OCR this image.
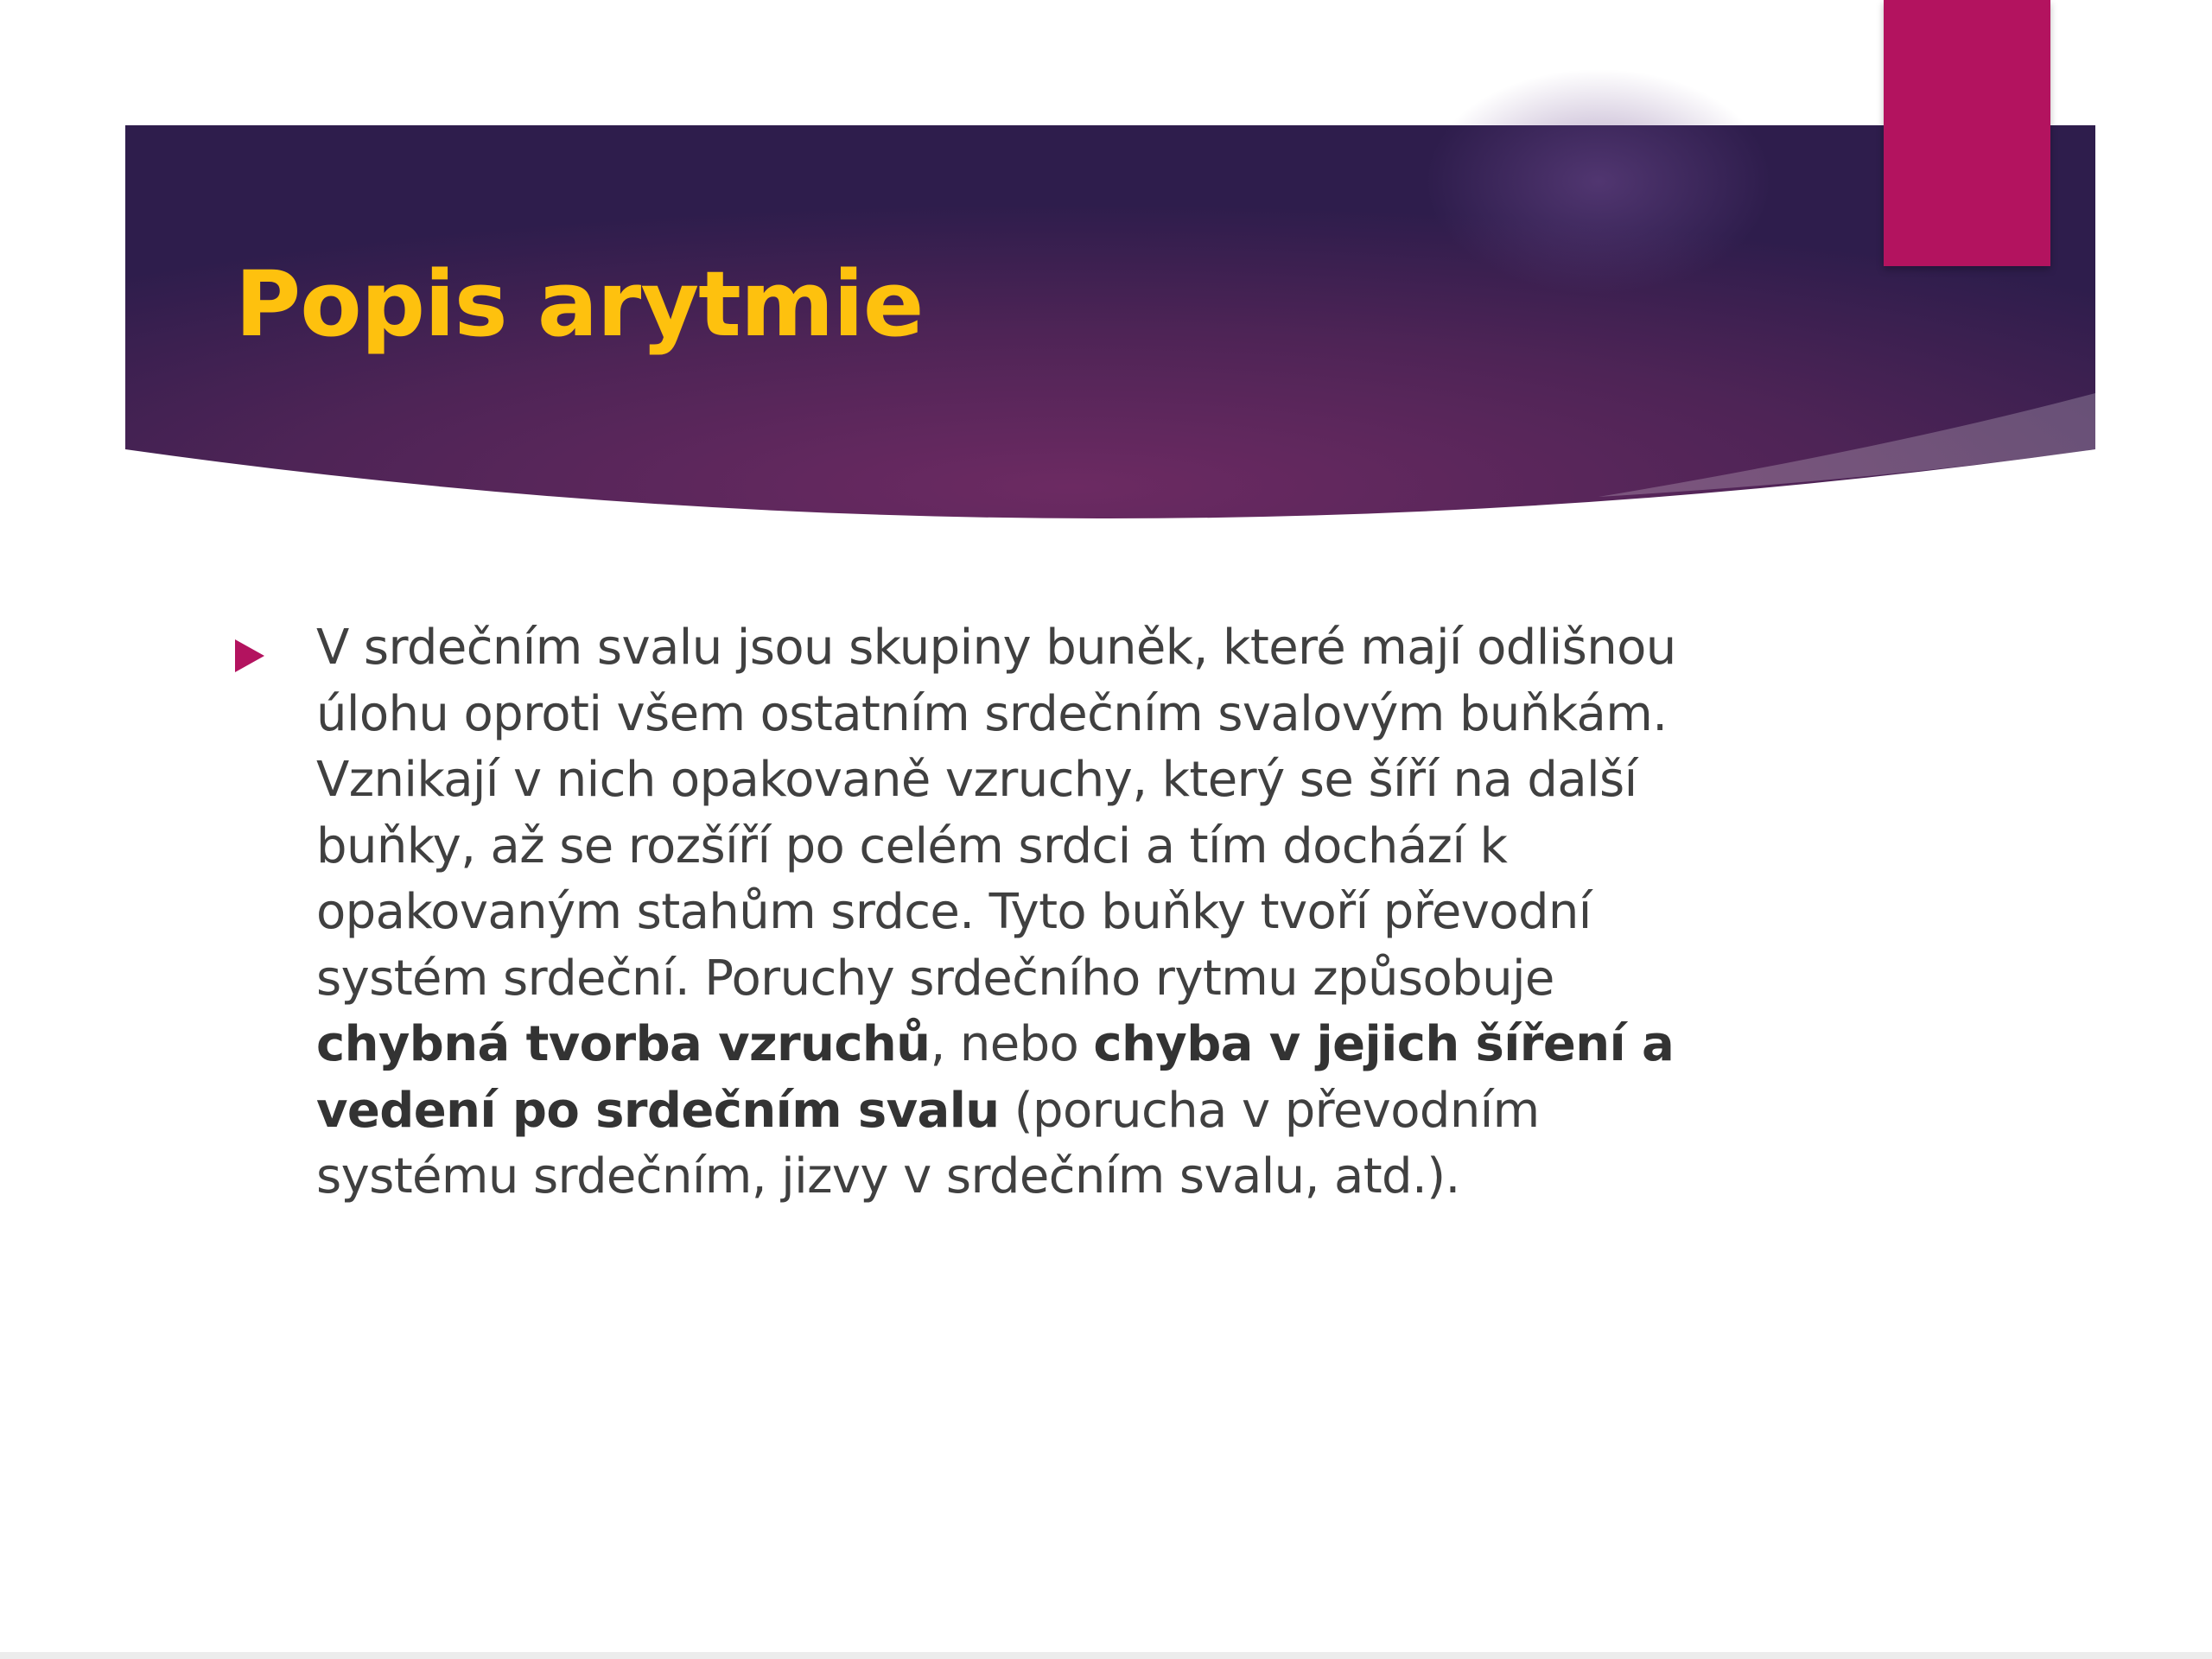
Popis arytmie

V srdečním svalu jsou skupiny buněk, které mají odlišnou úlohu oproti všem ostatním srdečním svalovým buňkám. Vznikají v nich opakovaně vzruchy, který se šíří na další buňky, až se rozšíří po celém srdci a tím dochází k opakovaným stahům srdce. Tyto buňky tvoří převodní systém srdeční. Poruchy srdečního rytmu způsobuje chybná tvorba vzruchů, nebo chyba v jejich šíření a vedení po srdečním svalu (porucha v převodním systému srdečním, jizvy v srdečním svalu, atd.).
